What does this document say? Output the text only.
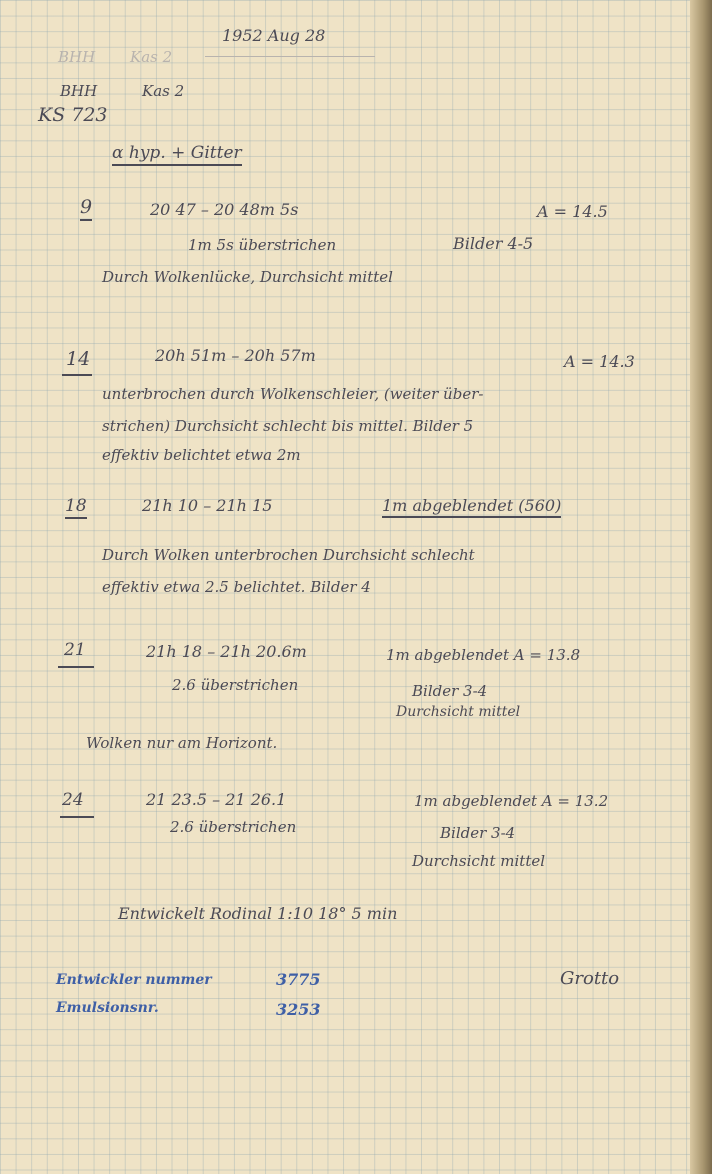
1952 Aug 28
BHH Kas 2
BHH	Kas 2
KS 723
α hyp. + Gitter
9	20 47 – 20 48m 5s	A = 14.5
1m 5s überstrichen	Bilder 4-5
Durch Wolkenlücke, Durchsicht mittel
14	20h 51m – 20h 57m	A = 14.3
unterbrochen durch Wolkenschleier, (weiter über-
strichen) Durchsicht schlecht bis mittel. Bilder 5
effektiv belichtet etwa 2m
18	21h 10 – 21h 15	1m abgeblendet (560)
Durch Wolken unterbrochen Durchsicht schlecht
effektiv etwa 2.5 belichtet. Bilder 4
21	21h 18 – 21h 20.6m	1m abgeblendet A = 13.8
2.6 überstrichen	Bilder 3-4
Durchsicht mittel
Wolken nur am Horizont.
24	21 23.5 – 21 26.1	1m abgeblendet A = 13.2
2.6 überstrichen	Bilder 3-4
Durchsicht mittel
Entwickelt Rodinal 1:10 18° 5 min
Entwickler nummer	3775
Emulsionsnr.	3253
Grotto
